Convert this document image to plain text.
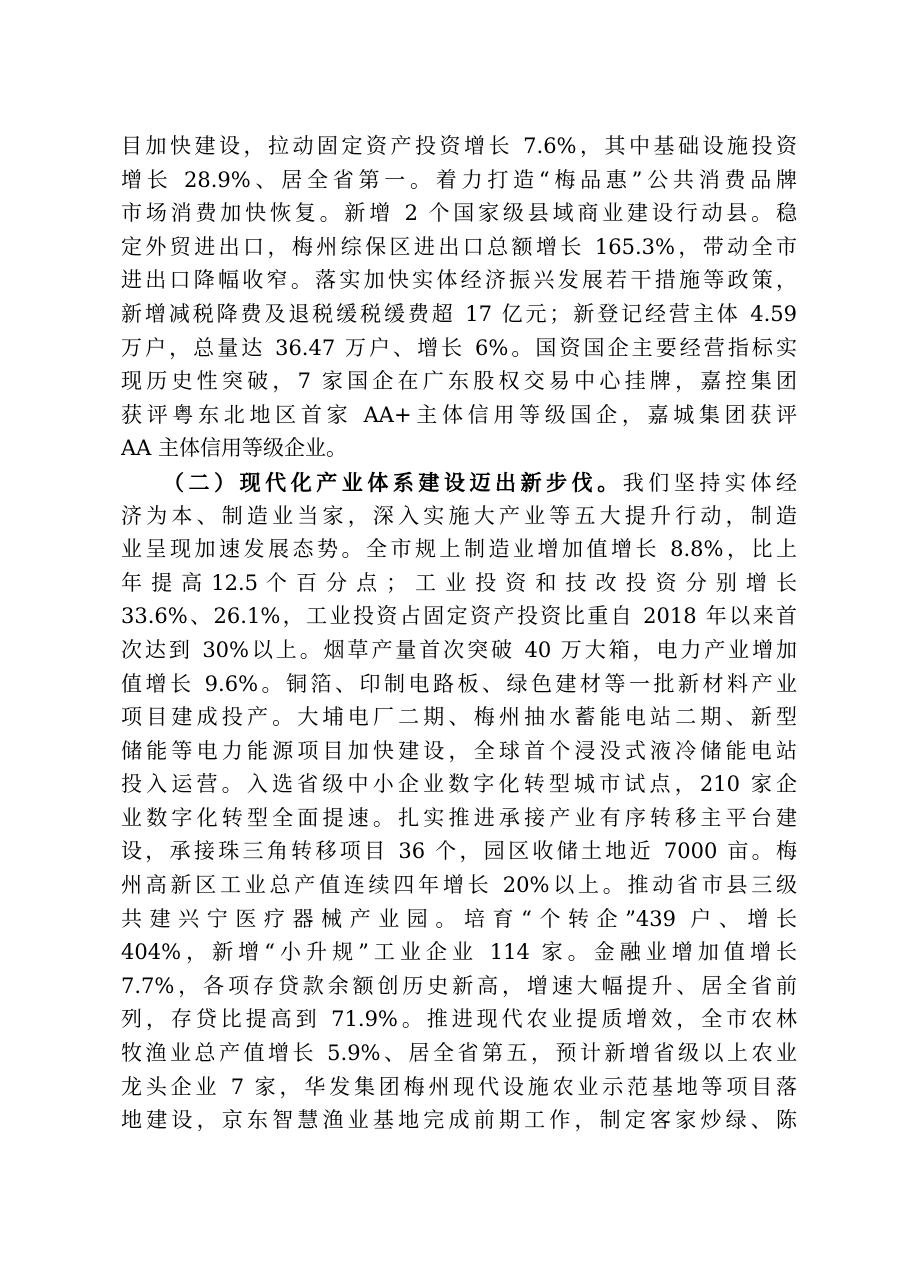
目加快建设，拉动固定资产投资增长 7.6%，其中基础设施投资
增长 28.9%、居全省第一。着力打造“梅品惠”公共消费品牌
市场消费加快恢复。新增 2 个国家级县域商业建设行动县。稳
定外贸进出口，梅州综保区进出口总额增长 165.3%，带动全市
进出口降幅收窄。落实加快实体经济振兴发展若干措施等政策，
新增减税降费及退税缓税缓费超 17 亿元；新登记经营主体 4.59
万户，总量达 36.47 万户、增长 6%。国资国企主要经营指标实
现历史性突破，7 家国企在广东股权交易中心挂牌，嘉控集团
获评粤东北地区首家 AA+主体信用等级国企，嘉城集团获评
AA 主体信用等级企业。
（二）现代化产业体系建设迈出新步伐。我们坚持实体经
济为本、制造业当家，深入实施大产业等五大提升行动，制造
业呈现加速发展态势。全市规上制造业增加值增长 8.8%，比上
年 提 高 12.5 个 百 分 点 ； 工 业 投 资 和 技 改 投 资 分 别 增 长
33.6%、26.1%，工业投资占固定资产投资比重自 2018 年以来首
次达到 30%以上。烟草产量首次突破 40 万大箱，电力产业增加
值增长 9.6%。铜箔、印制电路板、绿色建材等一批新材料产业
项目建成投产。大埔电厂二期、梅州抽水蓄能电站二期、新型
储能等电力能源项目加快建设，全球首个浸没式液冷储能电站
投入运营。入选省级中小企业数字化转型城市试点，210 家企
业数字化转型全面提速。扎实推进承接产业有序转移主平台建
设，承接珠三角转移项目 36 个，园区收储土地近 7000 亩。梅
州高新区工业总产值连续四年增长 20%以上。推动省市县三级
共建兴宁医疗器械产业园。培育“个转企”439 户、增长
404%，新增“小升规”工业企业 114 家。金融业增加值增长
7.7%，各项存贷款余额创历史新高，增速大幅提升、居全省前
列，存贷比提高到 71.9%。推进现代农业提质增效，全市农林
牧渔业总产值增长 5.9%、居全省第五，预计新增省级以上农业
龙头企业 7 家，华发集团梅州现代设施农业示范基地等项目落
地建设，京东智慧渔业基地完成前期工作，制定客家炒绿、陈
